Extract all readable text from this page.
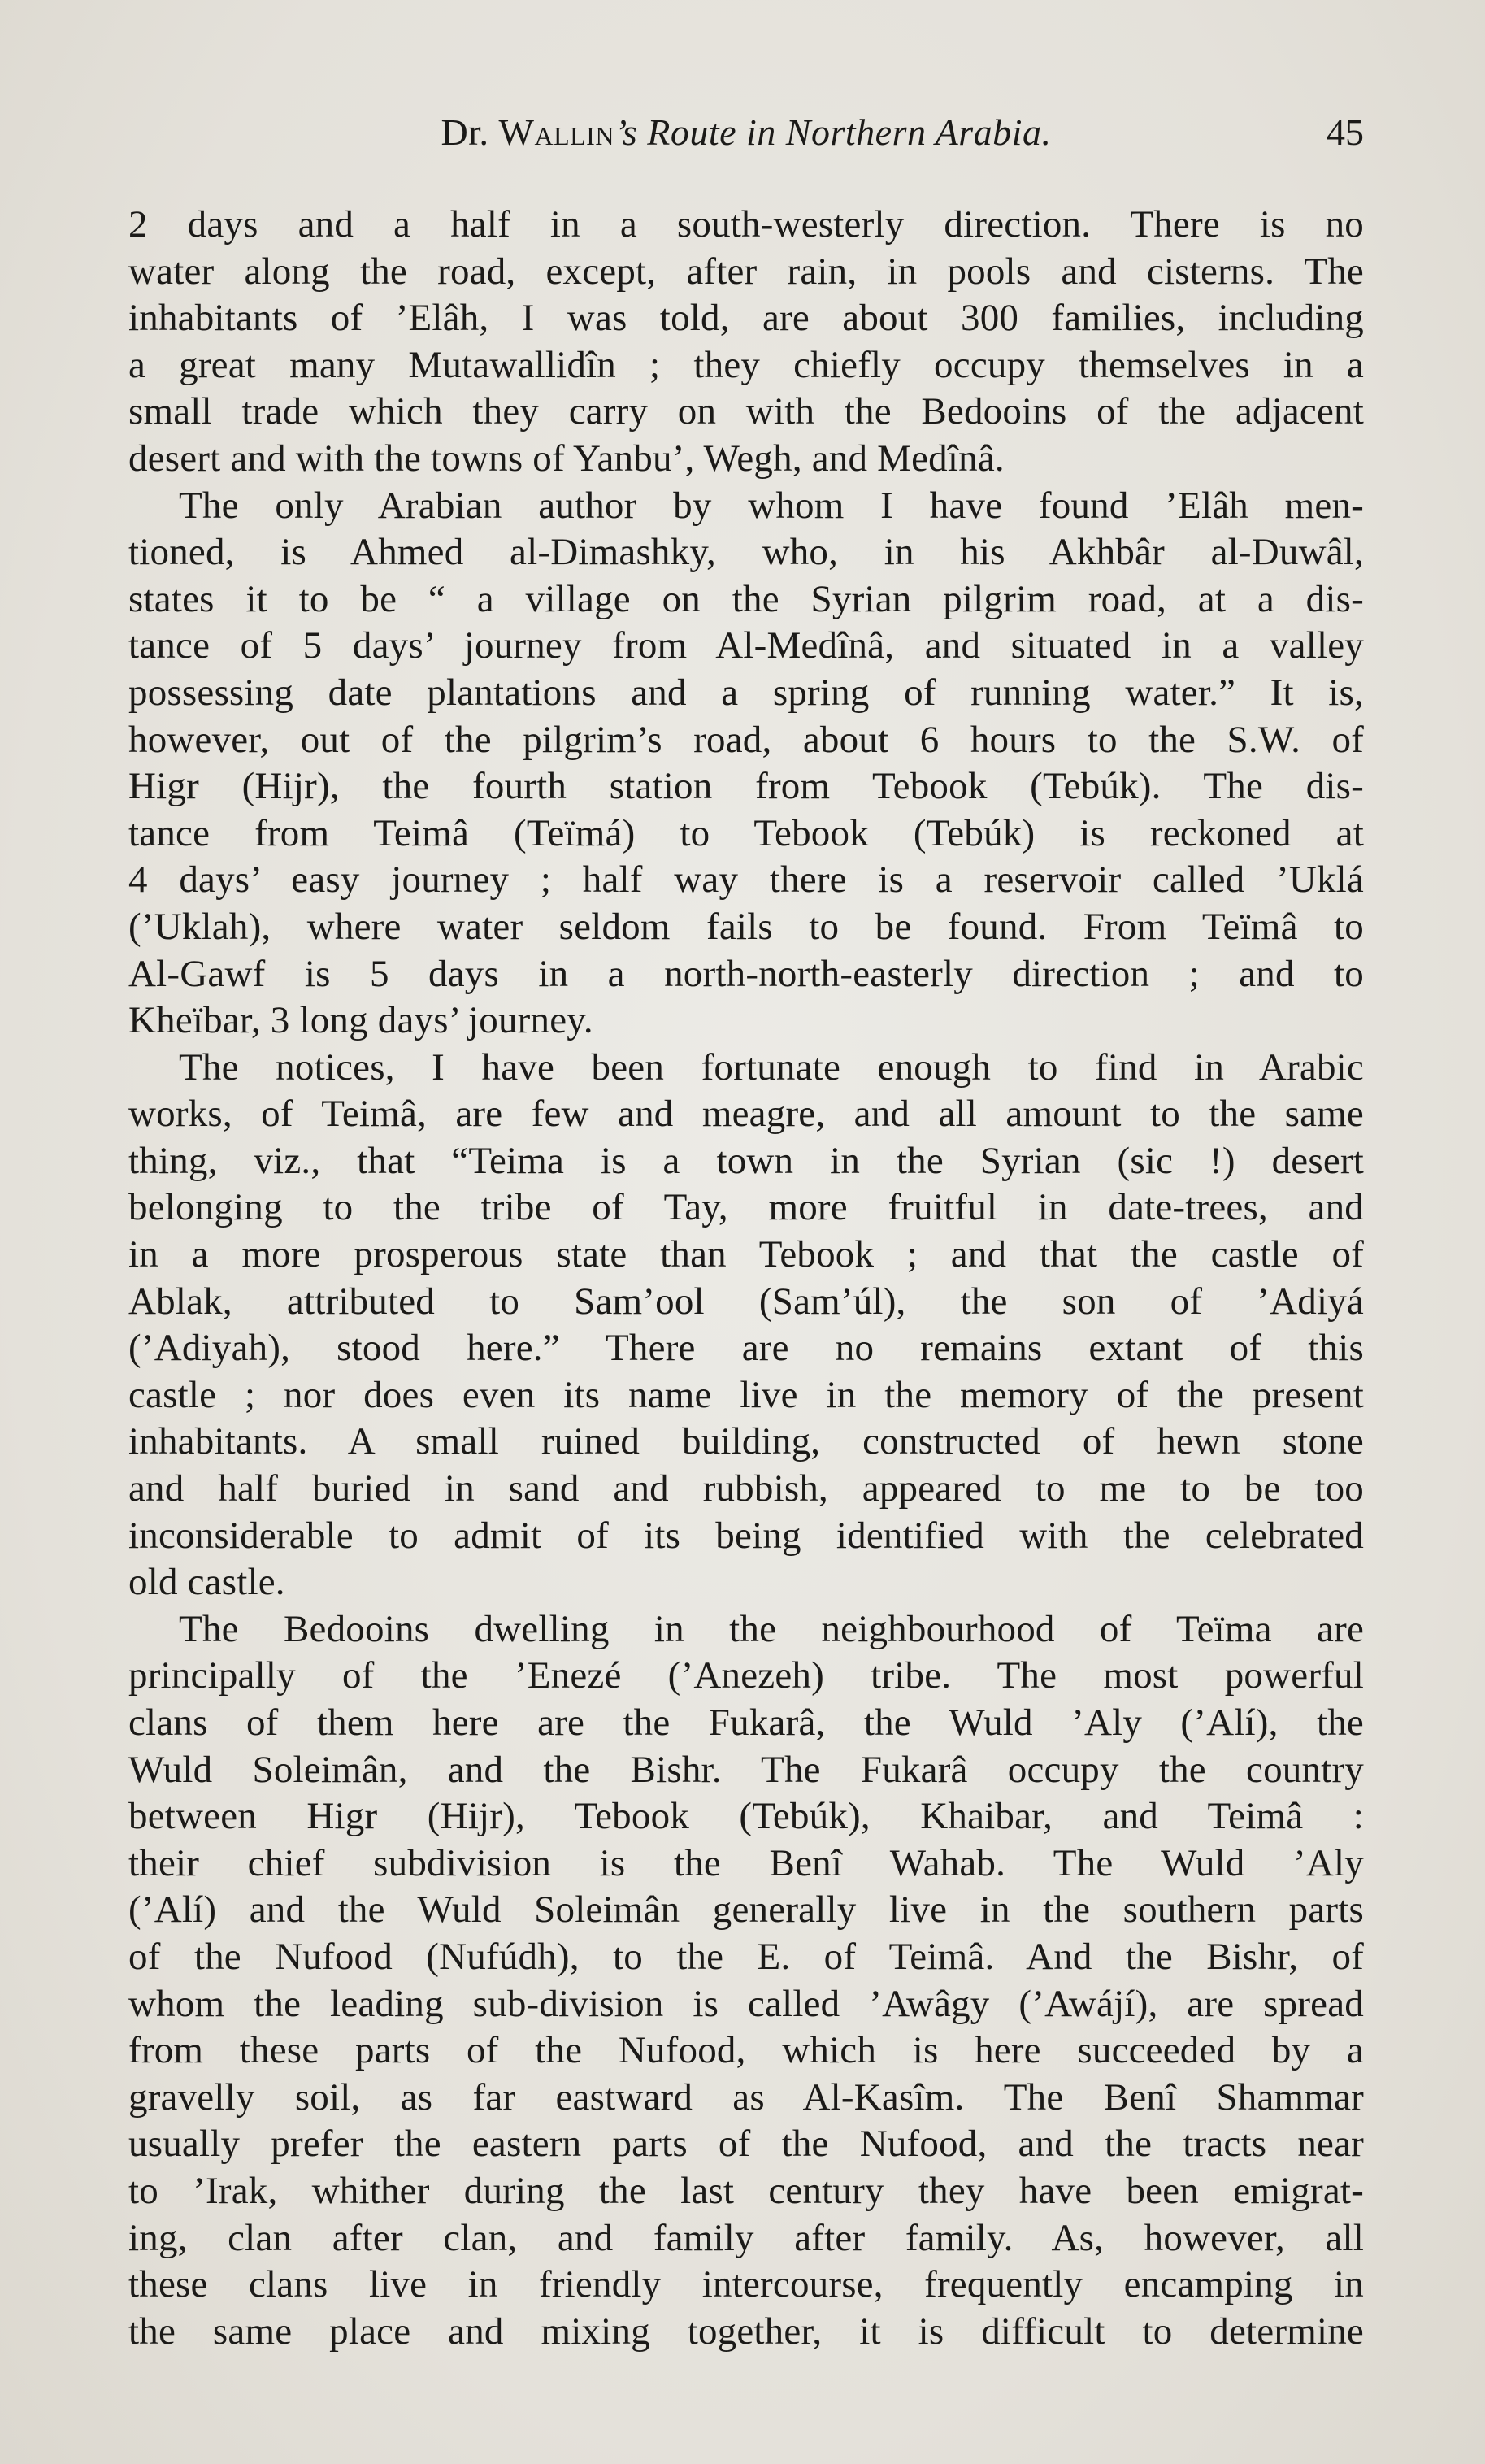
Dr. Wallin’s Route in Northern Arabia.	45
2 days and a half in a south-westerly direction. There is no
water along the road, except, after rain, in pools and cisterns. The
inhabitants of ’Elâh, I was told, are about 300 families, including
a great many Mutawallidîn ; they chiefly occupy themselves in a
small trade which they carry on with the Bedooins of the adjacent
desert and with the towns of Yanbu’, Wegh, and Medînâ.
The only Arabian author by whom I have found ’Elâh men-
tioned, is Ahmed al-Dimashky, who, in his Akhbâr al-Duwâl,
states it to be “ a village on the Syrian pilgrim road, at a dis-
tance of 5 days’ journey from Al-Medînâ, and situated in a valley
possessing date plantations and a spring of running water.” It is,
however, out of the pilgrim’s road, about 6 hours to the S.W. of
Higr (Hijr), the fourth station from Tebook (Tebúk). The dis-
tance from Teimâ (Teïmá) to Tebook (Tebúk) is reckoned at
4 days’ easy journey ; half way there is a reservoir called ’Uklá
(’Uklah), where water seldom fails to be found. From Teïmâ to
Al-Gawf is 5 days in a north-north-easterly direction ; and to
Kheïbar, 3 long days’ journey.
The notices, I have been fortunate enough to find in Arabic
works, of Teimâ, are few and meagre, and all amount to the same
thing, viz., that “Teima is a town in the Syrian (sic !) desert
belonging to the tribe of Tay, more fruitful in date-trees, and
in a more prosperous state than Tebook ; and that the castle of
Ablak, attributed to Sam’ool (Sam’úl), the son of ’Adiyá
(’Adiyah), stood here.” There are no remains extant of this
castle ; nor does even its name live in the memory of the present
inhabitants. A small ruined building, constructed of hewn stone
and half buried in sand and rubbish, appeared to me to be too
inconsiderable to admit of its being identified with the celebrated
old castle.
The Bedooins dwelling in the neighbourhood of Teïma are
principally of the ’Enezé (’Anezeh) tribe. The most powerful
clans of them here are the Fukarâ, the Wuld ’Aly (’Alí), the
Wuld Soleimân, and the Bishr. The Fukarâ occupy the country
between Higr (Hijr), Tebook (Tebúk), Khaibar, and Teimâ :
their chief subdivision is the Benî Wahab. The Wuld ’Aly
(’Alí) and the Wuld Soleimân generally live in the southern parts
of the Nufood (Nufúdh), to the E. of Teimâ. And the Bishr, of
whom the leading sub-division is called ’Awâgy (’Awájí), are spread
from these parts of the Nufood, which is here succeeded by a
gravelly soil, as far eastward as Al-Kasîm. The Benî Shammar
usually prefer the eastern parts of the Nufood, and the tracts near
to ’Irak, whither during the last century they have been emigrat-
ing, clan after clan, and family after family. As, however, all
these clans live in friendly intercourse, frequently encamping in
the same place and mixing together, it is difficult to determine
